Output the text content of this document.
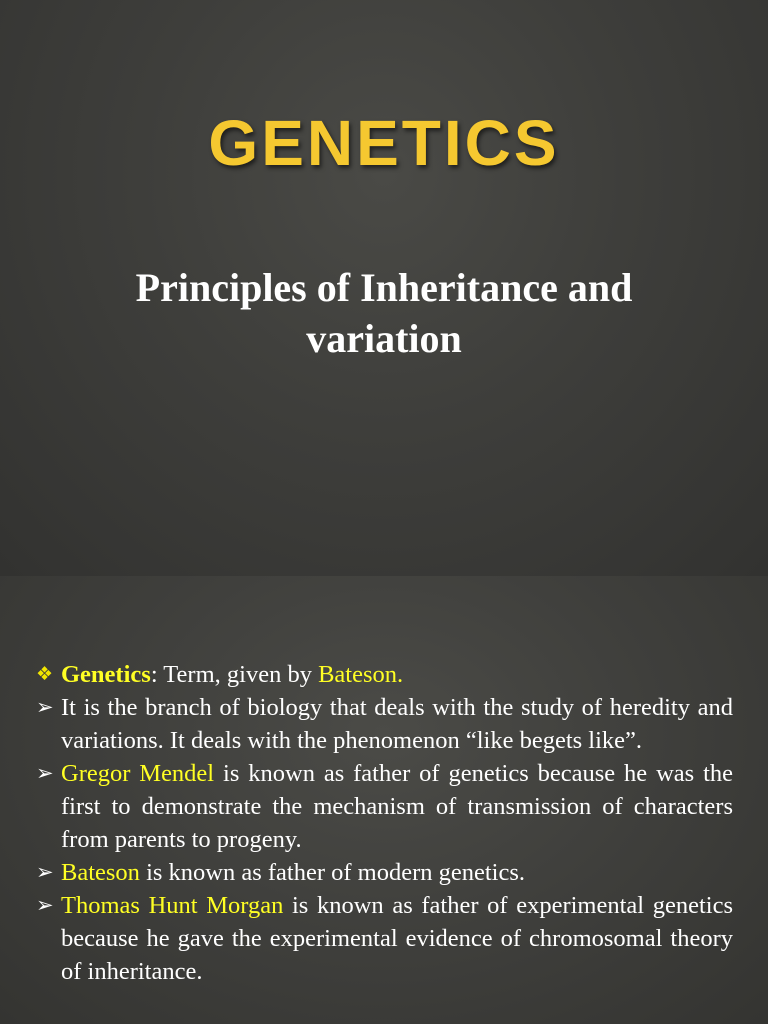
GENETICS
Principles of Inheritance and variation
❖ Genetics: Term, given by Bateson.
➢ It is the branch of biology that deals with the study of heredity and variations. It deals with the phenomenon “like begets like”.
➢ Gregor Mendel is known as father of genetics because he was the first to demonstrate the mechanism of transmission of characters from parents to progeny.
➢ Bateson is known as father of modern genetics.
➢ Thomas Hunt Morgan is known as father of experimental genetics because he gave the experimental evidence of chromosomal theory of inheritance.
